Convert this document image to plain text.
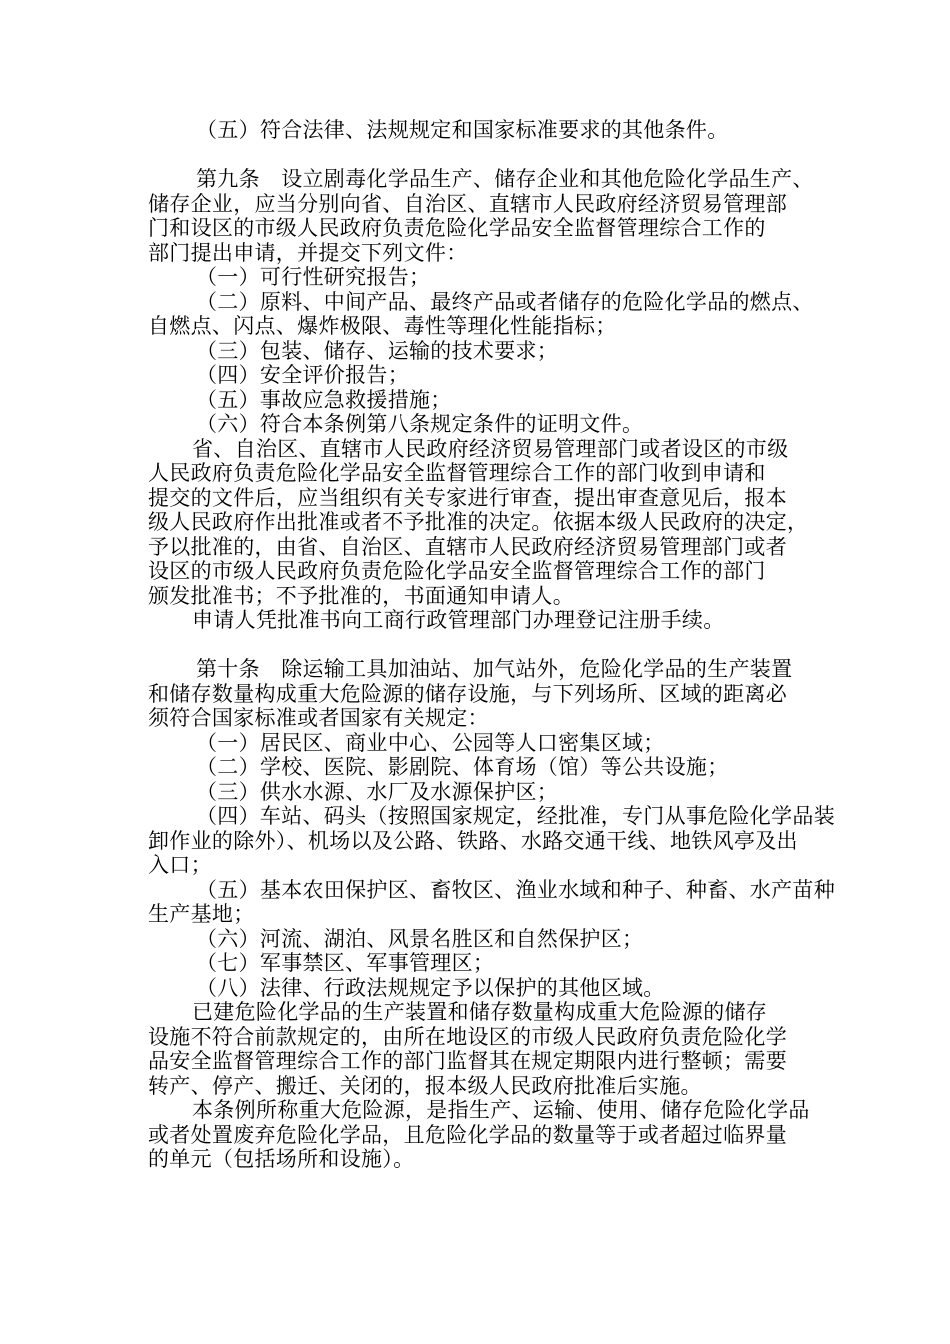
（五）符合法律、法规规定和国家标准要求的其他条件。
第九条　设立剧毒化学品生产、储存企业和其他危险化学品生产、
储存企业，应当分别向省、自治区、直辖市人民政府经济贸易管理部
门和设区的市级人民政府负责危险化学品安全监督管理综合工作的
部门提出申请，并提交下列文件：
（一）可行性研究报告；
（二）原料、中间产品、最终产品或者储存的危险化学品的燃点、
自燃点、闪点、爆炸极限、毒性等理化性能指标；
（三）包装、储存、运输的技术要求；
（四）安全评价报告；
（五）事故应急救援措施；
（六）符合本条例第八条规定条件的证明文件。
省、自治区、直辖市人民政府经济贸易管理部门或者设区的市级
人民政府负责危险化学品安全监督管理综合工作的部门收到申请和
提交的文件后，应当组织有关专家进行审查，提出审查意见后，报本
级人民政府作出批准或者不予批准的决定。依据本级人民政府的决定，
予以批准的，由省、自治区、直辖市人民政府经济贸易管理部门或者
设区的市级人民政府负责危险化学品安全监督管理综合工作的部门
颁发批准书；不予批准的，书面通知申请人。
申请人凭批准书向工商行政管理部门办理登记注册手续。
第十条　除运输工具加油站、加气站外，危险化学品的生产装置
和储存数量构成重大危险源的储存设施，与下列场所、区域的距离必
须符合国家标准或者国家有关规定：
（一）居民区、商业中心、公园等人口密集区域；
（二）学校、医院、影剧院、体育场（馆）等公共设施；
（三）供水水源、水厂及水源保护区；
（四）车站、码头（按照国家规定，经批准，专门从事危险化学品装
卸作业的除外）、机场以及公路、铁路、水路交通干线、地铁风亭及出
入口；
（五）基本农田保护区、畜牧区、渔业水域和种子、种畜、水产苗种
生产基地；
（六）河流、湖泊、风景名胜区和自然保护区；
（七）军事禁区、军事管理区；
（八）法律、行政法规规定予以保护的其他区域。
已建危险化学品的生产装置和储存数量构成重大危险源的储存
设施不符合前款规定的，由所在地设区的市级人民政府负责危险化学
品安全监督管理综合工作的部门监督其在规定期限内进行整顿；需要
转产、停产、搬迁、关闭的，报本级人民政府批准后实施。
本条例所称重大危险源，是指生产、运输、使用、储存危险化学品
或者处置废弃危险化学品，且危险化学品的数量等于或者超过临界量
的单元（包括场所和设施）。
